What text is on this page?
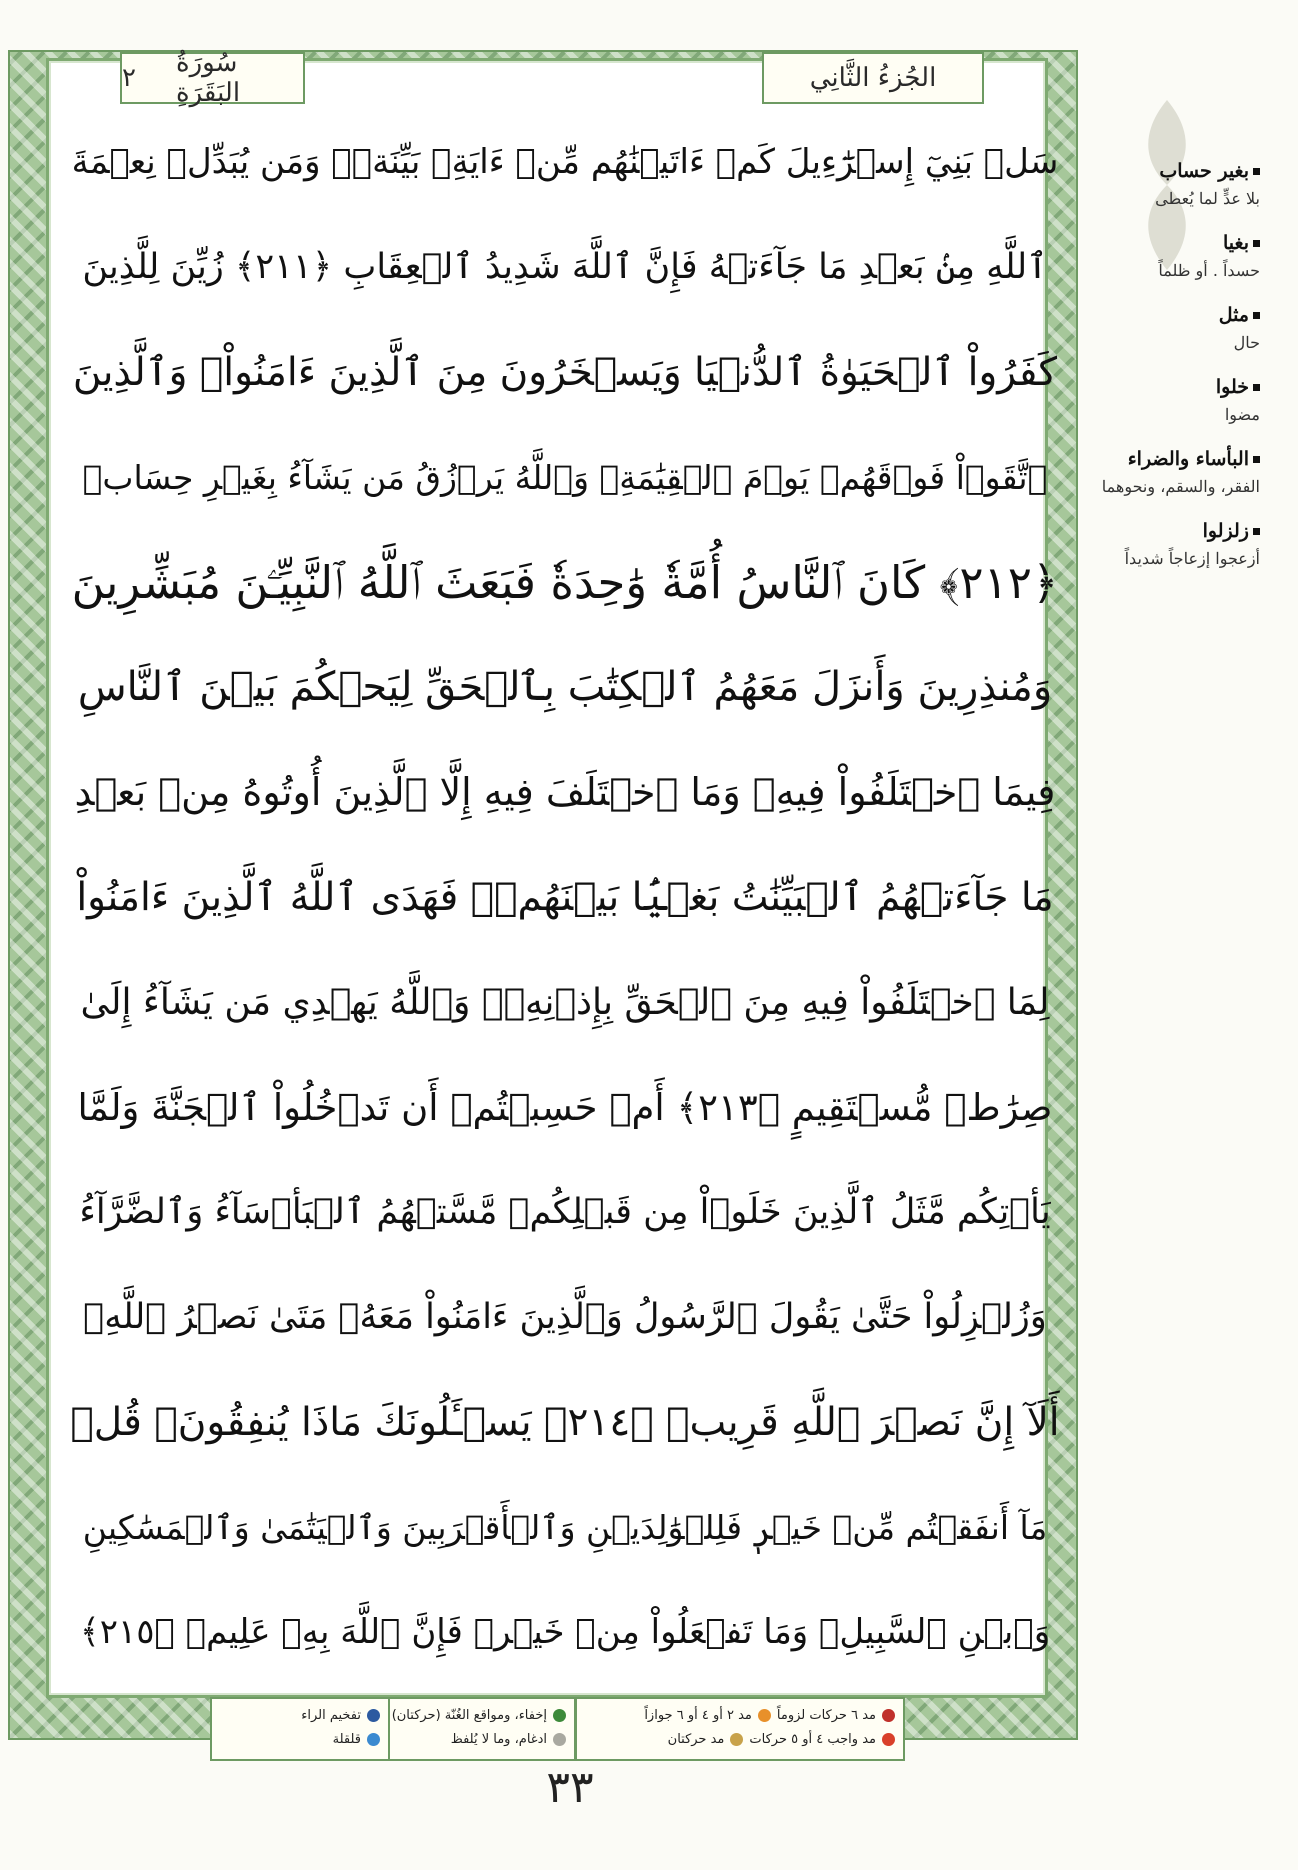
٢ سُورَةُ البَقَرَةِ	الجُزءُ الثَّانِي
سَلۡ بَنِيٓ إِسۡرَٰٓءِيلَ كَمۡ ءَاتَيۡنَٰهُم مِّنۡ ءَايَةِۭ بَيِّنَةٖۗ وَمَن يُبَدِّلۡ نِعۡمَةَ
ٱللَّهِ مِنۢ بَعۡدِ مَا جَآءَتۡهُ فَإِنَّ ٱللَّهَ شَدِيدُ ٱلۡعِقَابِ ﴿٢١١﴾ زُيِّنَ لِلَّذِينَ
كَفَرُواْ ٱلۡحَيَوٰةُ ٱلدُّنۡيَا وَيَسۡخَرُونَ مِنَ ٱلَّذِينَ ءَامَنُواْۘ وَٱلَّذِينَ
ٱتَّقَوۡاْ فَوۡقَهُمۡ يَوۡمَ ٱلۡقِيَٰمَةِۗ وَٱللَّهُ يَرۡزُقُ مَن يَشَآءُ بِغَيۡرِ حِسَابٖ
﴿٢١٢﴾ كَانَ ٱلنَّاسُ أُمَّةٗ وَٰحِدَةٗ فَبَعَثَ ٱللَّهُ ٱلنَّبِيِّـۧنَ مُبَشِّرِينَ
وَمُنذِرِينَ وَأَنزَلَ مَعَهُمُ ٱلۡكِتَٰبَ بِٱلۡحَقِّ لِيَحۡكُمَ بَيۡنَ ٱلنَّاسِ
فِيمَا ٱخۡتَلَفُواْ فِيهِۚ وَمَا ٱخۡتَلَفَ فِيهِ إِلَّا ٱلَّذِينَ أُوتُوهُ مِنۢ بَعۡدِ
مَا جَآءَتۡهُمُ ٱلۡبَيِّنَٰتُ بَغۡيَۢا بَيۡنَهُمۡۖ فَهَدَى ٱللَّهُ ٱلَّذِينَ ءَامَنُواْ
لِمَا ٱخۡتَلَفُواْ فِيهِ مِنَ ٱلۡحَقِّ بِإِذۡنِهِۦۗ وَٱللَّهُ يَهۡدِي مَن يَشَآءُ إِلَىٰ
صِرَٰطٖ مُّسۡتَقِيمٍ ﴿٢١٣﴾ أَمۡ حَسِبۡتُمۡ أَن تَدۡخُلُواْ ٱلۡجَنَّةَ وَلَمَّا
يَأۡتِكُم مَّثَلُ ٱلَّذِينَ خَلَوۡاْ مِن قَبۡلِكُمۖ مَّسَّتۡهُمُ ٱلۡبَأۡسَآءُ وَٱلضَّرَّآءُ
وَزُلۡزِلُواْ حَتَّىٰ يَقُولَ ٱلرَّسُولُ وَٱلَّذِينَ ءَامَنُواْ مَعَهُۥ مَتَىٰ نَصۡرُ ٱللَّهِۗ
أَلَآ إِنَّ نَصۡرَ ٱللَّهِ قَرِيبٞ ﴿٢١٤﴾ يَسۡـَٔلُونَكَ مَاذَا يُنفِقُونَۖ قُلۡ
مَآ أَنفَقۡتُم مِّنۡ خَيۡرٖ فَلِلۡوَٰلِدَيۡنِ وَٱلۡأَقۡرَبِينَ وَٱلۡيَتَٰمَىٰ وَٱلۡمَسَٰكِينِ
وَٱبۡنِ ٱلسَّبِيلِۗ وَمَا تَفۡعَلُواْ مِنۡ خَيۡرٖ فَإِنَّ ٱللَّهَ بِهِۦ عَلِيمٞ ﴿٢١٥﴾
بغير حساب
بلا عدٍّ لما يُعطى
بغيا
حسداً . أو ظلماً
مثل
حال
خلوا
مضوا
البأساء والضراء
الفقر، والسقم، ونحوهما
زلزلوا
أزعجوا إزعاجاً شديداً
مد ٦ حركات لزوماً
مد ٢ أو ٤ أو ٦ جوازاً
مد واجب ٤ أو ٥ حركات
مد حركتان
إخفاء، ومواقع الغُنّة (حركتان)
ادغام، وما لا يُلفظ
تفخيم الراء
قلقلة
٣٣
